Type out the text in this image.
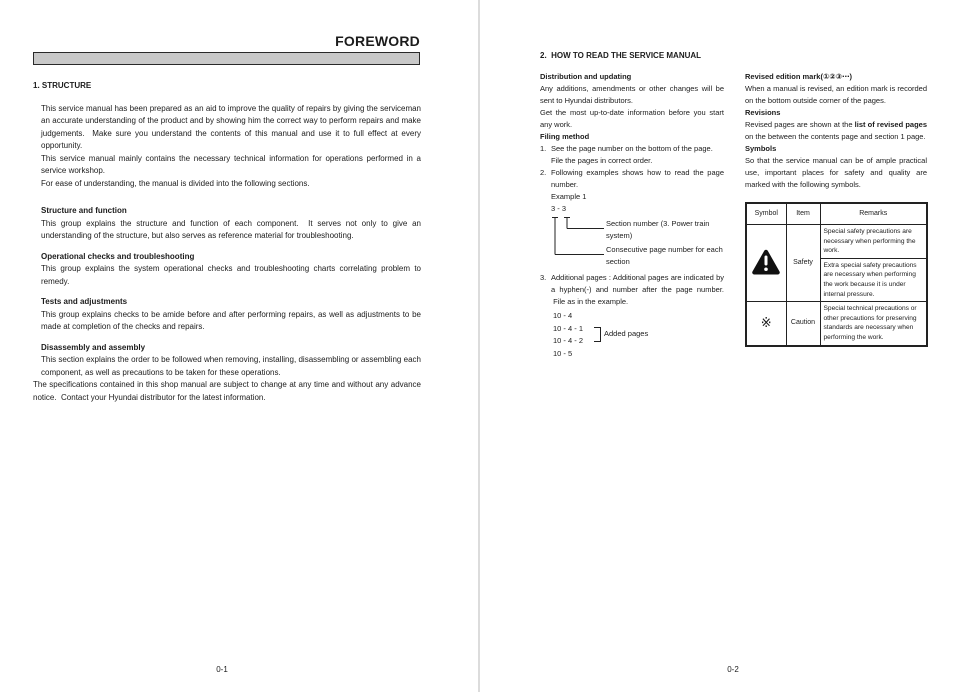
FOREWORD
1. STRUCTURE

This service manual has been prepared as an aid to improve the quality of repairs by giving the serviceman an accurate understanding of the product and by showing him the correct way to perform repairs and make judgements.  Make sure you understand the contents of this manual and use it to full effect at every opportunity.

This service manual mainly contains the necessary technical information for operations performed in a service workshop.

For ease of understanding, the manual is divided into the following sections.

Structure and function

This group explains the structure and function of each component.  It serves not only to give an understanding of the structure, but also serves as reference material for troubleshooting.

Operational checks and troubleshooting

This group explains the system operational checks and troubleshooting charts correlating problem to remedy.

Tests and adjustments

This group explains checks to be amide before and after performing repairs, as well as adjustments to be made at completion of the checks and repairs.

Disassembly and assembly

This section explains the order to be followed when removing, installing, disassembling or assembling each component, as well as precautions to be taken for these operations.

The specifications contained in this shop manual are subject to change at any time and without any advance notice.  Contact your Hyundai distributor for the latest information.

0-1
2.  HOW TO READ THE SERVICE MANUAL

Distribution and updating

Any additions, amendments or other changes will be sent to Hyundai distributors.

Get the most up-to-date information before you start any work.

Filing method

1. See the page number on the bottom of the page.

File the pages in correct order.

2. Following examples shows how to read the page number.

Example 1

3 - 3

Section number (3. Power train system)
Consecutive page number for each section
3. Additional pages : Additional pages are indicated by a hyphen(-) and number after the page number.  File as in the example.

10 - 4
10 - 4 - 1
10 - 4 - 2
10 - 5
Added pages

Revised edition mark(①②③⋯)

When a manual is revised, an edition mark is recorded on the bottom outside corner of the pages.

Revisions

Revised pages are shown at the list of revised pages on the between the contents page and section 1 page.

Symbols

So that the service manual can be of ample practical use, important places for safety and quality are marked with the following symbols.

Symbol	Item	Remarks
	Safety	Special safety precautions are necessary when performing the work.
		Extra special safety precautions are necessary when performing the work because it is under internal pressure.
※	Caution	Special technical precautions or other precautions for preserving standards are necessary when performing the work.
0-2
